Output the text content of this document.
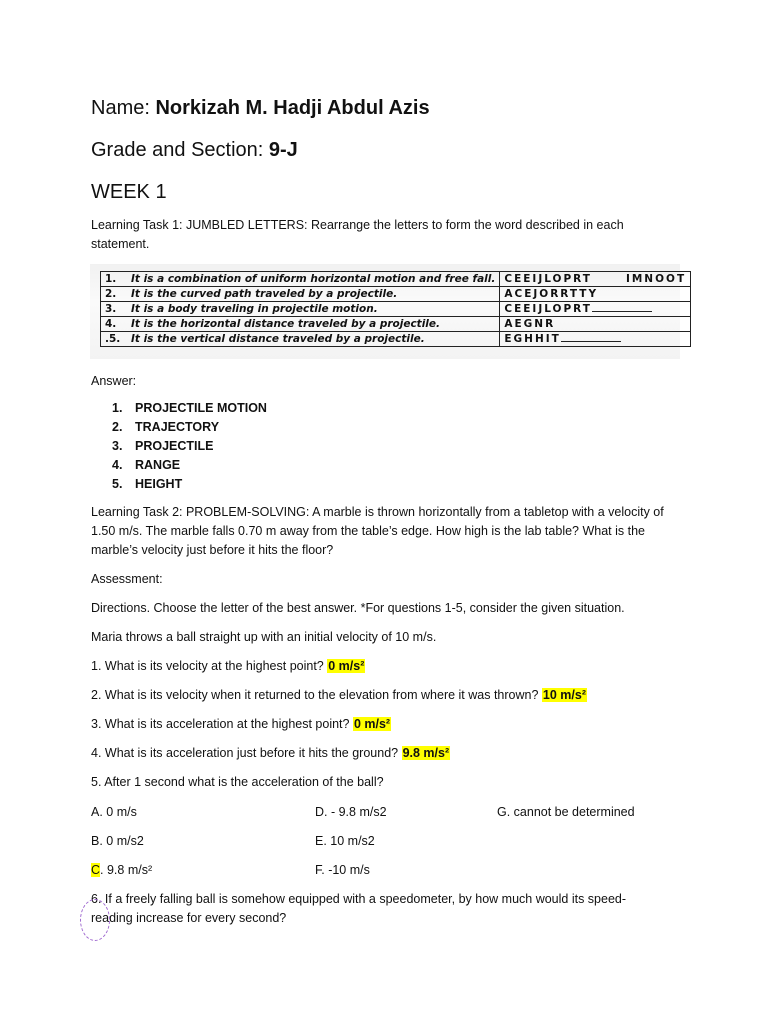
Name: Norkizah M. Hadji Abdul Azis
Grade and Section: 9-J
WEEK 1
Learning Task 1: JUMBLED LETTERS: Rearrange the letters to form the word described in each
statement.
1. It is a combination of uniform horizontal motion and free fall.	CEEIJLOPRT IMNOOT
2. It is the curved path traveled by a projectile.	ACEJORRTTY
3. It is a body traveling in projectile motion.	CEEIJLOPRT
4. It is the horizontal distance traveled by a projectile.	AEGNR
.5. It is the vertical distance traveled by a projectile.	EGHHIT
Answer:
1. PROJECTILE MOTION
2. TRAJECTORY
3. PROJECTILE
4. RANGE
5. HEIGHT
Learning Task 2: PROBLEM-SOLVING: A marble is thrown horizontally from a tabletop with a velocity of
1.50 m/s. The marble falls 0.70 m away from the table’s edge. How high is the lab table? What is the
marble’s velocity just before it hits the floor?
Assessment:
Directions. Choose the letter of the best answer. *For questions 1-5, consider the given situation.
Maria throws a ball straight up with an initial velocity of 10 m/s.
1. What is its velocity at the highest point? 0 m/s²
2. What is its velocity when it returned to the elevation from where it was thrown? 10 m/s²
3. What is its acceleration at the highest point? 0 m/s²
4. What is its acceleration just before it hits the ground? 9.8 m/s²
5. After 1 second what is the acceleration of the ball?
A. 0 m/s	D. - 9.8 m/s2	G. cannot be determined
B. 0 m/s2	E. 10 m/s2
C. 9.8 m/s²	F. -10 m/s
6. If a freely falling ball is somehow equipped with a speedometer, by how much would its speed-
reading increase for every second?
